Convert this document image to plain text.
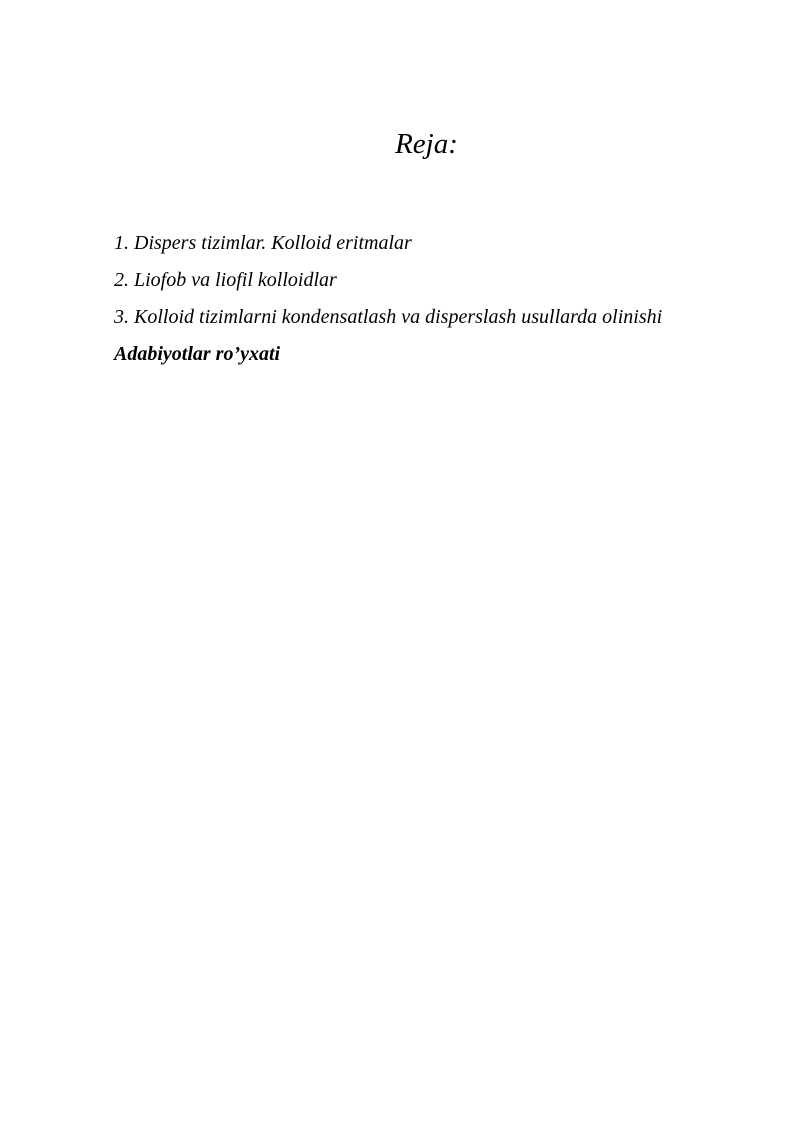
Reja:
1. Dispers tizimlar. Kolloid eritmalar
2. Liofob va liofil kolloidlar
3. Kolloid tizimlarni kondensatlash va disperslash usullarda olinishi
Adabiyotlar ro’yxati
